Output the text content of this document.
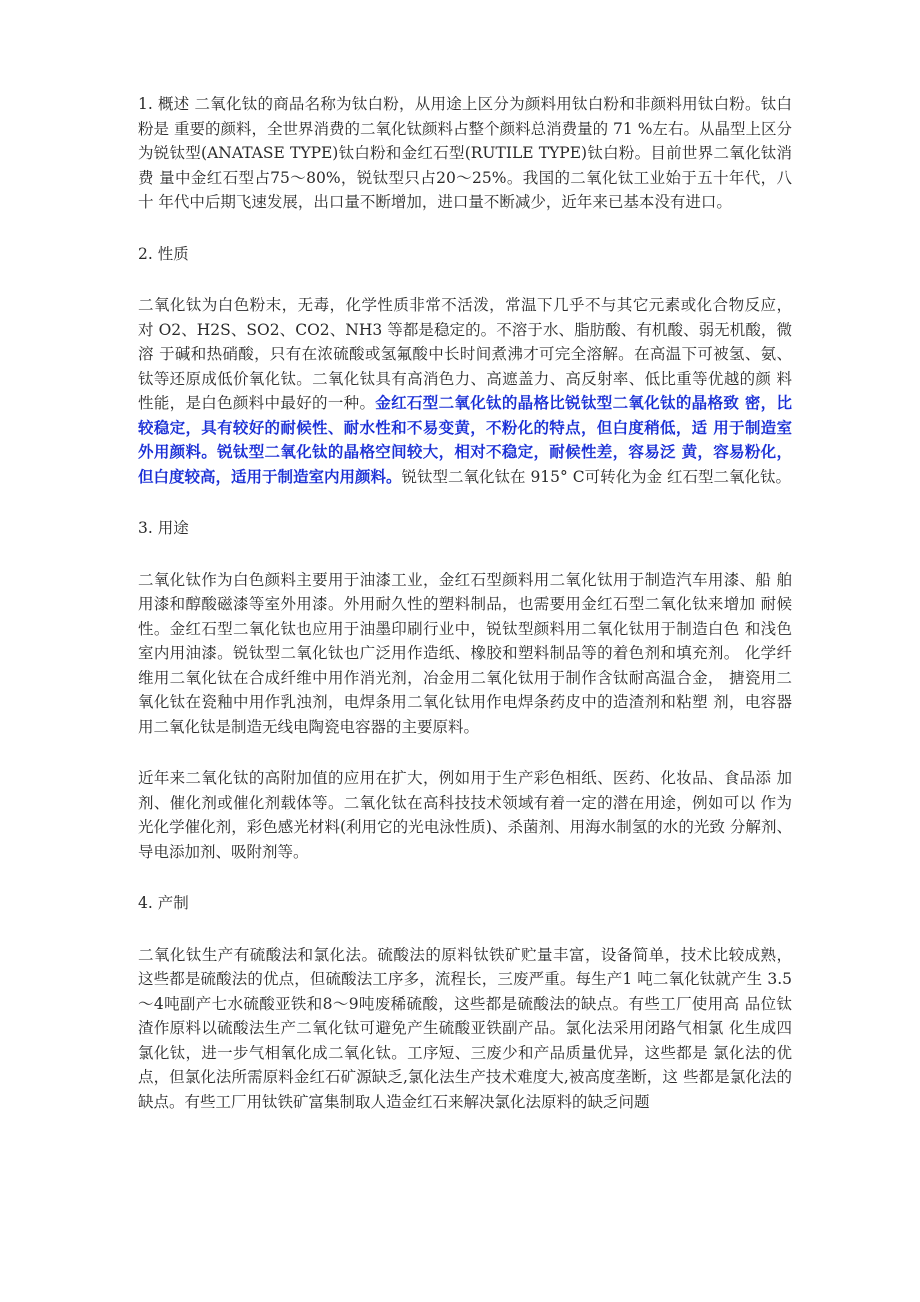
1. 概述 二氧化钛的商品名称为钛白粉，从用途上区分为颜料用钛白粉和非颜料用钛白粉。钛白粉是 重要的颜料，全世界消费的二氧化钛颜料占整个颜料总消费量的 71 %左右。从晶型上区分 为锐钛型(ANATASE TYPE)钛白粉和金红石型(RUTILE TYPE)钛白粉。目前世界二氧化钛消费 量中金红石型占75～80%，锐钛型只占20～25%。我国的二氧化钛工业始于五十年代，八十 年代中后期飞速发展，出口量不断增加，进口量不断减少，近年来已基本没有进口。

2. 性质

二氧化钛为白色粉末，无毒，化学性质非常不活泼，常温下几乎不与其它元素或化合物反应， 对 O2、H2S、SO2、CO2、NH3 等都是稳定的。不溶于水、脂肪酸、有机酸、弱无机酸，微溶 于碱和热硝酸，只有在浓硫酸或氢氟酸中长时间煮沸才可完全溶解。在高温下可被氢、氨、 钛等还原成低价氧化钛。二氧化钛具有高消色力、高遮盖力、高反射率、低比重等优越的颜 料性能，是白色颜料中最好的一种。金红石型二氧化钛的晶格比锐钛型二氧化钛的晶格致 密，比较稳定，具有较好的耐候性、耐水性和不易变黄，不粉化的特点，但白度稍低，适 用于制造室外用颜料。锐钛型二氧化钛的晶格空间较大，相对不稳定，耐候性差，容易泛 黄，容易粉化，但白度较高，适用于制造室内用颜料。锐钛型二氧化钛在 915° C可转化为金 红石型二氧化钛。

3. 用途

二氧化钛作为白色颜料主要用于油漆工业，金红石型颜料用二氧化钛用于制造汽车用漆、船 舶用漆和醇酸磁漆等室外用漆。外用耐久性的塑料制品，也需要用金红石型二氧化钛来增加 耐候性。金红石型二氧化钛也应用于油墨印刷行业中，锐钛型颜料用二氧化钛用于制造白色 和浅色室内用油漆。锐钛型二氧化钛也广泛用作造纸、橡胶和塑料制品等的着色剂和填充剂。 化学纤维用二氧化钛在合成纤维中用作消光剂，冶金用二氧化钛用于制作含钛耐高温合金， 搪瓷用二氧化钛在瓷釉中用作乳浊剂，电焊条用二氧化钛用作电焊条药皮中的造渣剂和粘塑 剂，电容器用二氧化钛是制造无线电陶瓷电容器的主要原料。

近年来二氧化钛的高附加值的应用在扩大，例如用于生产彩色相纸、医药、化妆品、食品添 加剂、催化剂或催化剂载体等。二氧化钛在高科技技术领域有着一定的潜在用途，例如可以 作为光化学催化剂，彩色感光材料(利用它的光电泳性质)、杀菌剂、用海水制氢的水的光致 分解剂、导电添加剂、吸附剂等。

4. 产制

二氧化钛生产有硫酸法和氯化法。硫酸法的原料钛铁矿贮量丰富，设备简单，技术比较成熟， 这些都是硫酸法的优点，但硫酸法工序多，流程长，三废严重。每生产1 吨二氧化钛就产生 3.5～4吨副产七水硫酸亚铁和8～9吨废稀硫酸，这些都是硫酸法的缺点。有些工厂使用高 品位钛渣作原料以硫酸法生产二氧化钛可避免产生硫酸亚铁副产品。氯化法采用闭路气相氯 化生成四氯化钛，进一步气相氧化成二氧化钛。工序短、三废少和产品质量优异，这些都是 氯化法的优点，但氯化法所需原料金红石矿源缺乏,氯化法生产技术难度大,被高度垄断，这 些都是氯化法的缺点。有些工厂用钛铁矿富集制取人造金红石来解决氯化法原料的缺乏问题
